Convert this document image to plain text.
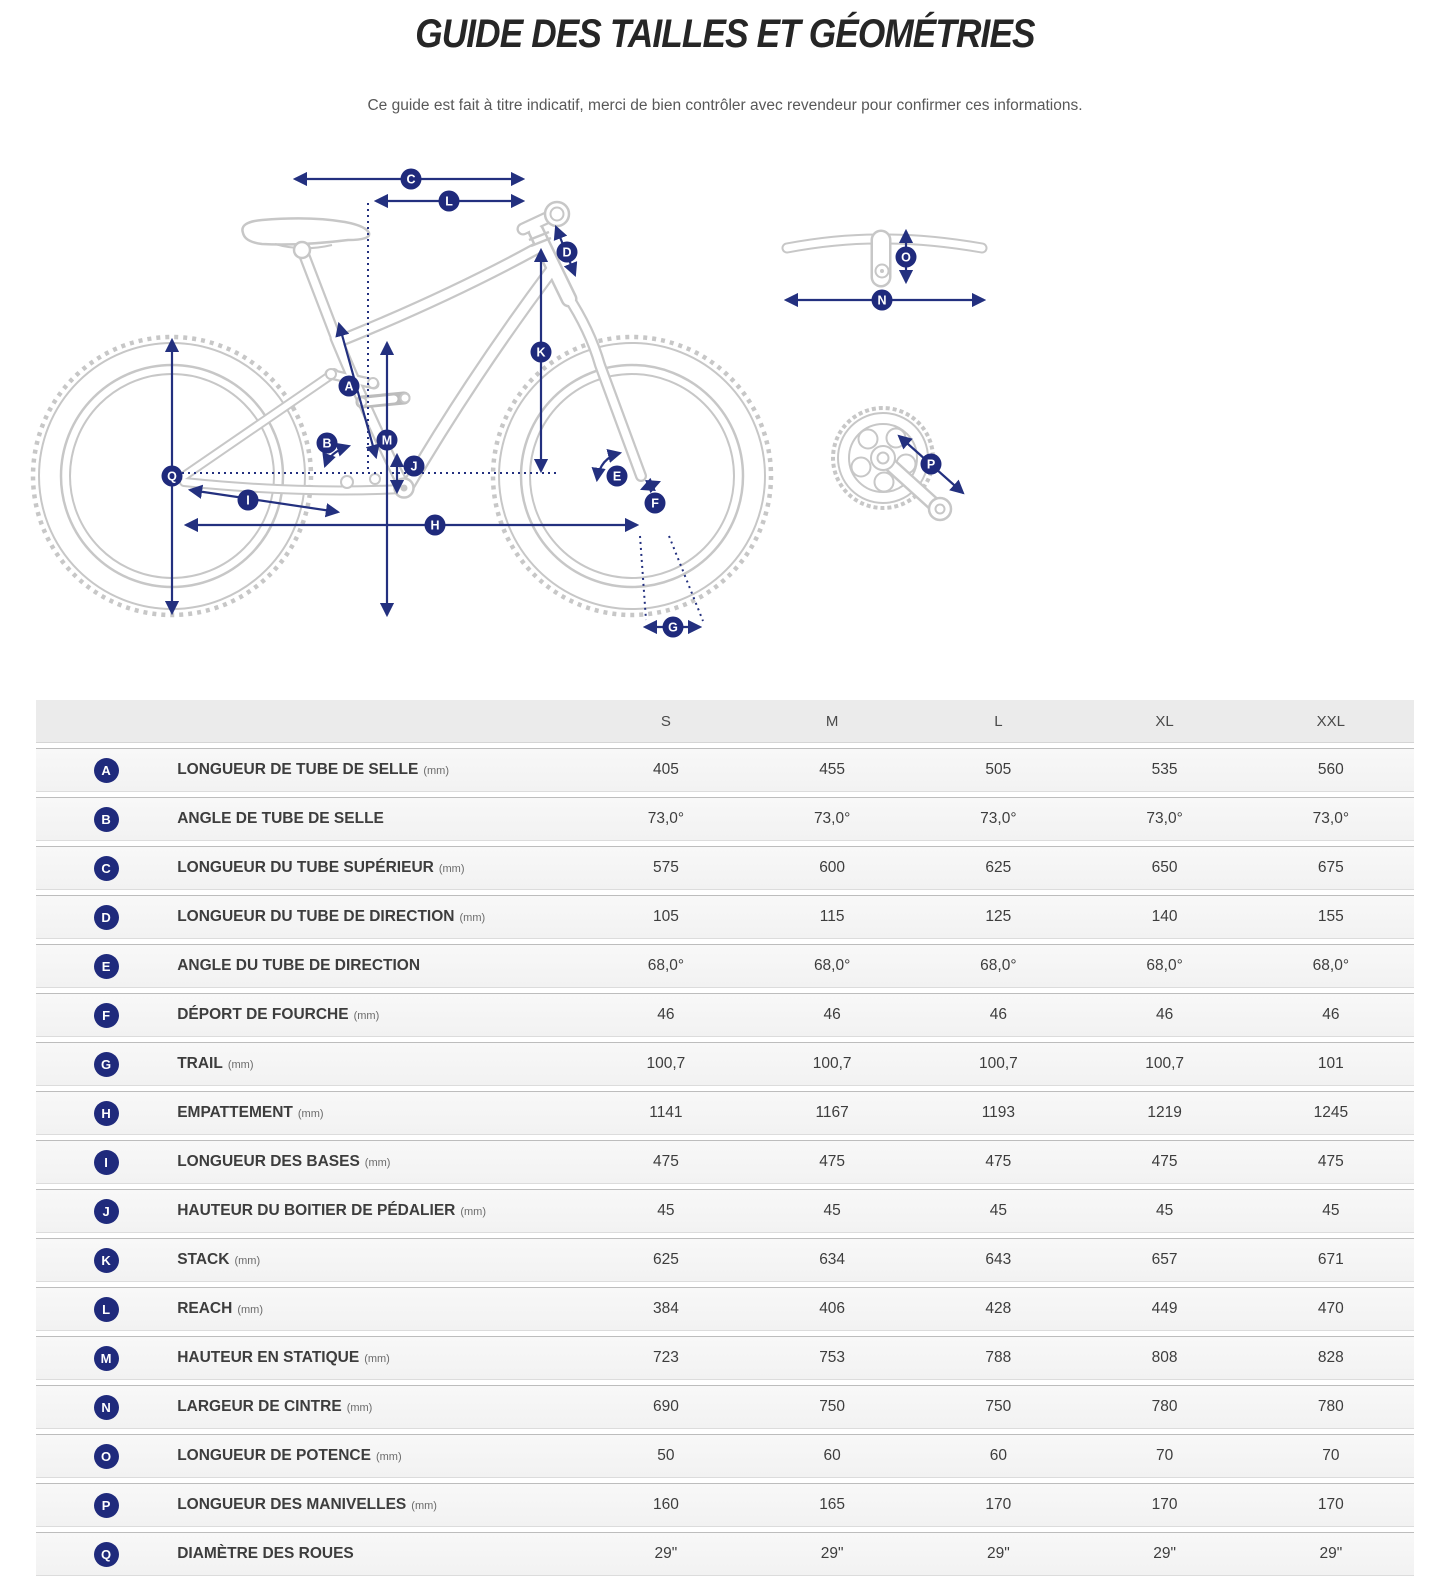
GUIDE DES TAILLES ET GÉOMÉTRIES
Ce guide est fait à titre indicatif, merci de bien contrôler avec revendeur pour confirmer ces informations.
A
B
C
D
E
F
G
H
I
J
K
L
M
N
O
P
Q
		S	M	L	XL	XXL

A	LONGUEUR DE TUBE DE SELLE (mm)	405	455	505	535	560

B	ANGLE DE TUBE DE SELLE	73,0°	73,0°	73,0°	73,0°	73,0°

C	LONGUEUR DU TUBE SUPÉRIEUR (mm)	575	600	625	650	675

D	LONGUEUR DU TUBE DE DIRECTION (mm)	105	115	125	140	155

E	ANGLE DU TUBE DE DIRECTION	68,0°	68,0°	68,0°	68,0°	68,0°

F	DÉPORT DE FOURCHE (mm)	46	46	46	46	46

G	TRAIL (mm)	100,7	100,7	100,7	100,7	101

H	EMPATTEMENT (mm)	1141	1167	1193	1219	1245

I	LONGUEUR DES BASES (mm)	475	475	475	475	475

J	HAUTEUR DU BOITIER DE PÉDALIER (mm)	45	45	45	45	45

K	STACK (mm)	625	634	643	657	671

L	REACH (mm)	384	406	428	449	470

M	HAUTEUR EN STATIQUE (mm)	723	753	788	808	828

N	LARGEUR DE CINTRE (mm)	690	750	750	780	780

O	LONGUEUR DE POTENCE (mm)	50	60	60	70	70

P	LONGUEUR DES MANIVELLES (mm)	160	165	170	170	170

Q	DIAMÈTRE DES ROUES	29"	29"	29"	29"	29"
